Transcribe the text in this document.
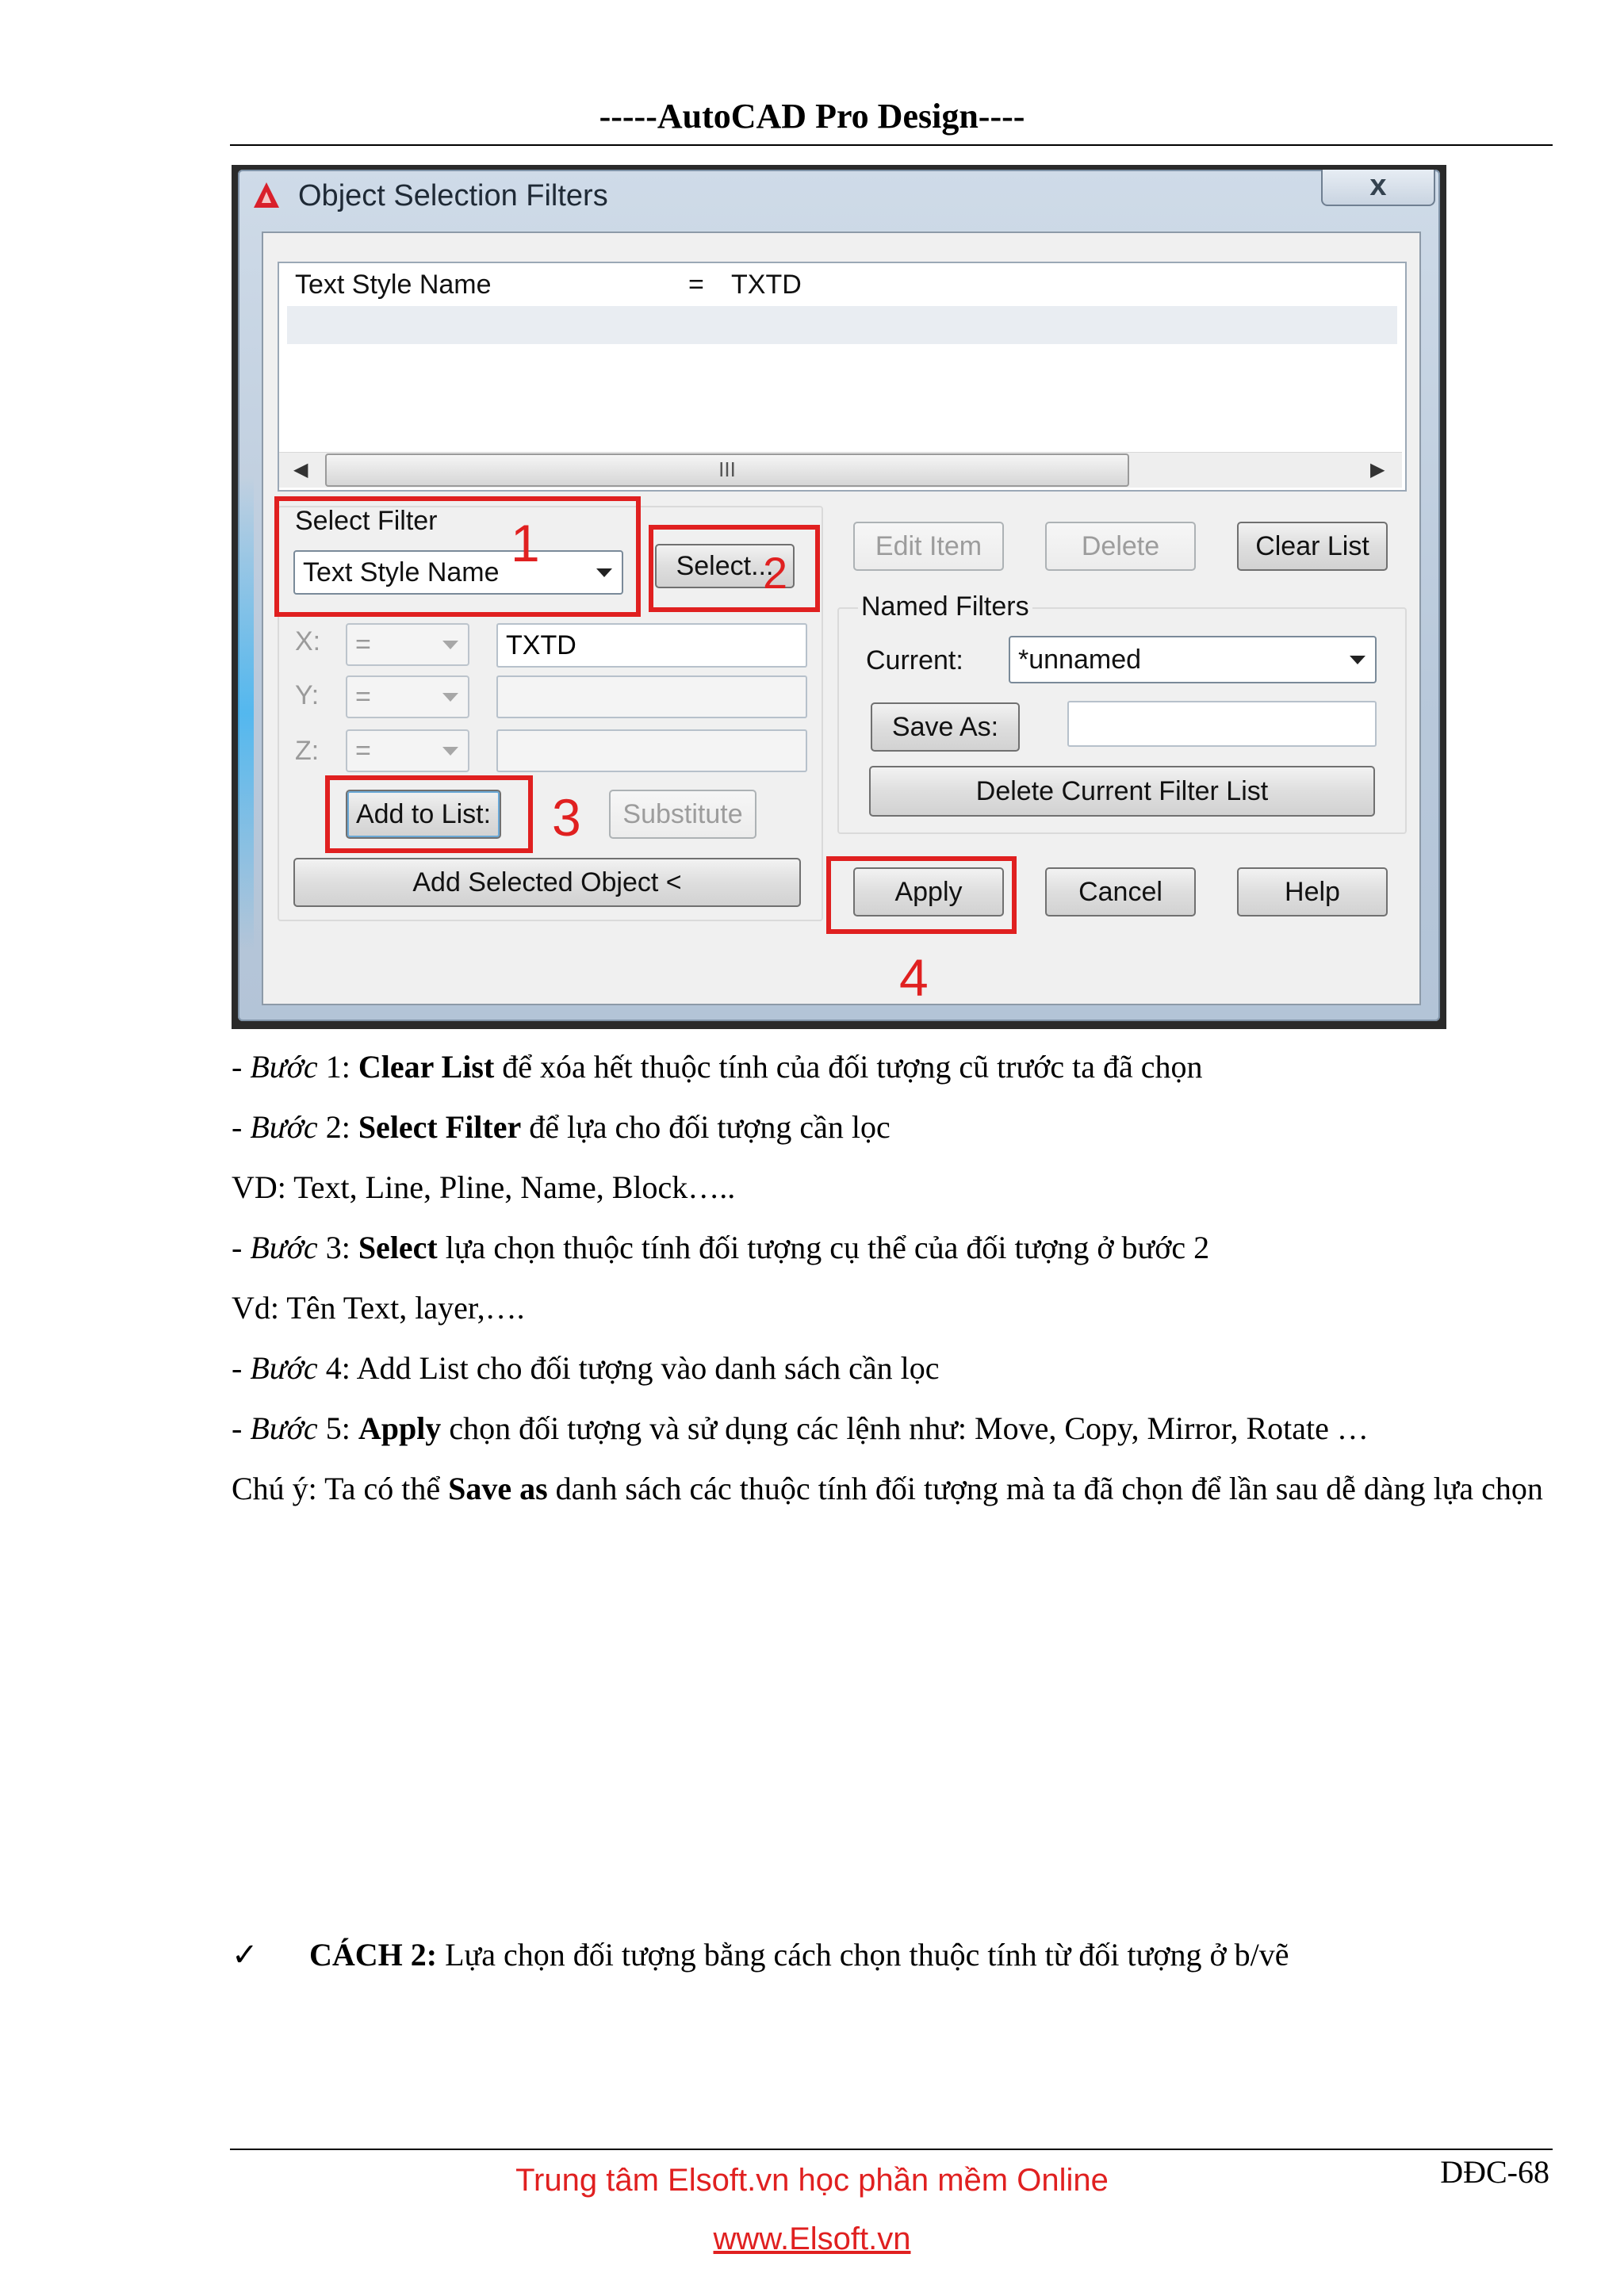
-----AutoCAD Pro Design----
Object Selection Filters	x
Text Style Name	= TXTD
◀	III	▶
Select Filter
Text Style Name	Select...
X:
Y:
Z:
=
=
=
TXTD
Add to List:	Substitute
Add Selected Object <
Edit Item	Delete	Clear List
Named Filters
Current:	*unnamed
Save As:
Delete Current Filter List
Apply	Cancel	Help
1
2
3
4
- Bước 1: Clear List để xóa hết thuộc tính của đối tượng cũ trước ta đã chọn
- Bước 2: Select Filter để lựa cho đối tượng cần lọc
VD: Text, Line, Pline, Name, Block…..
- Bước 3: Select lựa chọn thuộc tính đối tượng cụ thể của đối tượng ở bước 2
Vd: Tên Text, layer,….
- Bước 4: Add List cho đối tượng vào danh sách cần lọc
- Bước 5: Apply chọn đối tượng và sử dụng các lệnh như: Move, Copy, Mirror, Rotate …
Chú ý: Ta có thể Save as danh sách các thuộc tính đối tượng mà ta đã chọn để lần sau dễ dàng lựa chọn
✓ CÁCH 2: Lựa chọn đối tượng bằng cách chọn thuộc tính từ đối tượng ở b/vẽ
Trung tâm Elsoft.vn học phần mềm Online
www.Elsoft.vn
DĐC-68
